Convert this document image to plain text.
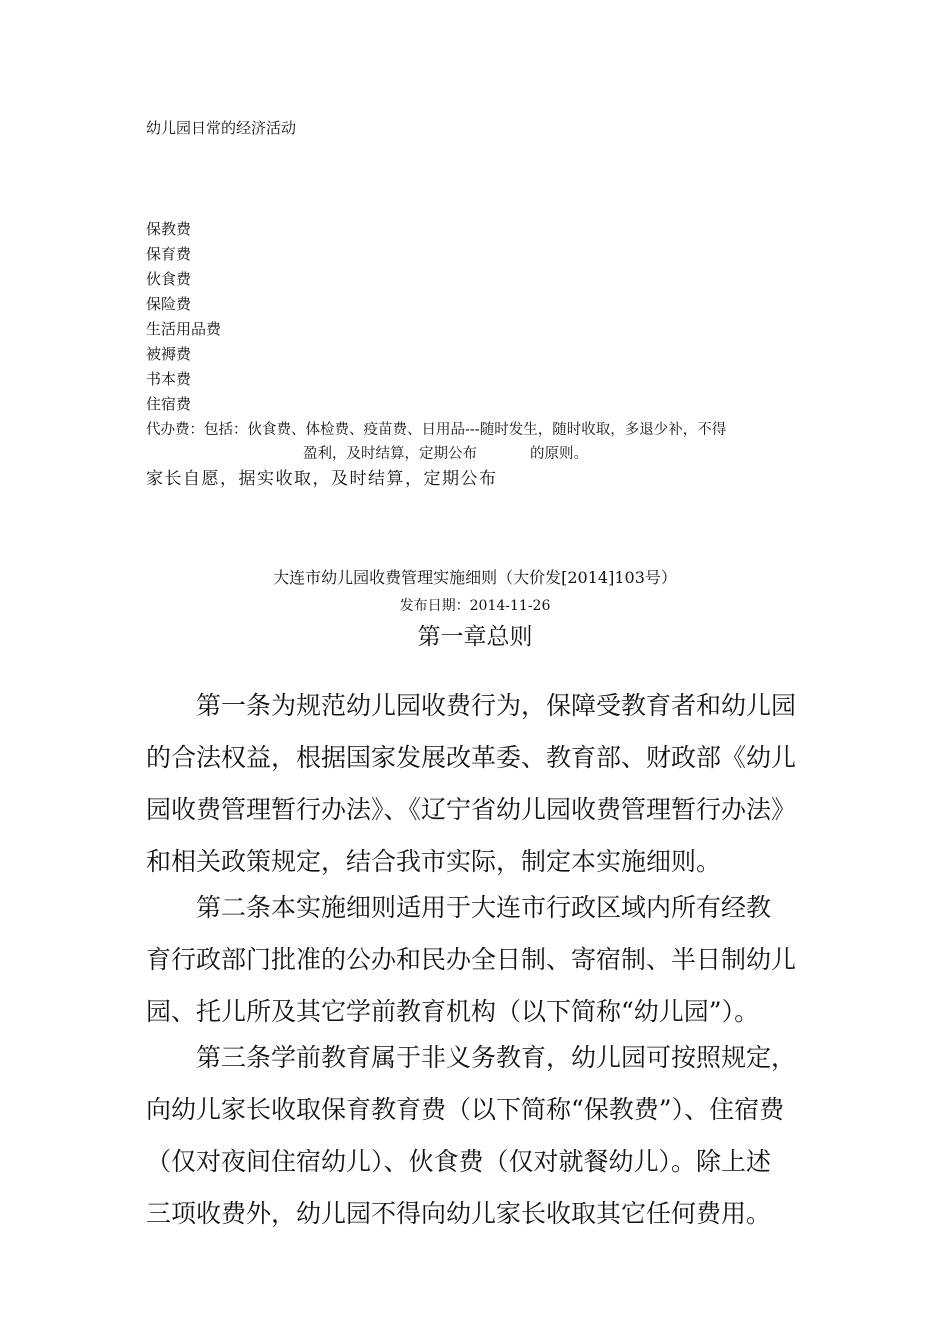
幼儿园日常的经济活动
保教费
保育费
伙食费
保险费
生活用品费
被褥费
书本费
住宿费
代办费：包括：伙食费、体检费、疫苗费、日用品---随时发生，随时收取，多退少补，不得
盈利，及时结算，定期公布	的原则。
家长自愿，据实收取，及时结算，定期公布
大连市幼儿园收费管理实施细则（大价发[2014]103号）
发布日期：2014-11-26
第一章总则

第一条为规范幼儿园收费行为，保障受教育者和幼儿园

的合法权益，根据国家发展改革委、教育部、财政部《幼儿

园收费管理暂行办法》、《辽宁省幼儿园收费管理暂行办法》

和相关政策规定，结合我市实际，制定本实施细则。

第二条本实施细则适用于大连市行政区域内所有经教

育行政部门批准的公办和民办全日制、寄宿制、半日制幼儿

园、托儿所及其它学前教育机构（以下简称“幼儿园”）。

第三条学前教育属于非义务教育，幼儿园可按照规定，

向幼儿家长收取保育教育费（以下简称“保教费”）、住宿费

（仅对夜间住宿幼儿）、伙食费（仅对就餐幼儿）。除上述

三项收费外，幼儿园不得向幼儿家长收取其它任何费用。
